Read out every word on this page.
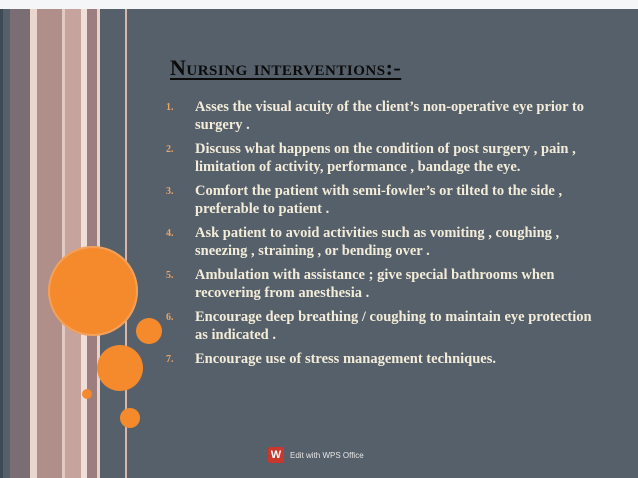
Nursing interventions:-
1. Asses the visual acuity of the client’s non-operative eye prior to surgery .
2. Discuss what happens on the condition of post surgery , pain , limitation of activity, performance , bandage the eye.
3. Comfort the patient with semi-fowler’s or tilted to the side , preferable to patient .
4. Ask patient to avoid activities such as vomiting , coughing , sneezing , straining , or bending over .
5. Ambulation with assistance ; give special bathrooms when recovering from anesthesia .
6. Encourage deep breathing / coughing to maintain eye protection as indicated .
7. Encourage use of stress management techniques.
W	Edit with WPS Office
